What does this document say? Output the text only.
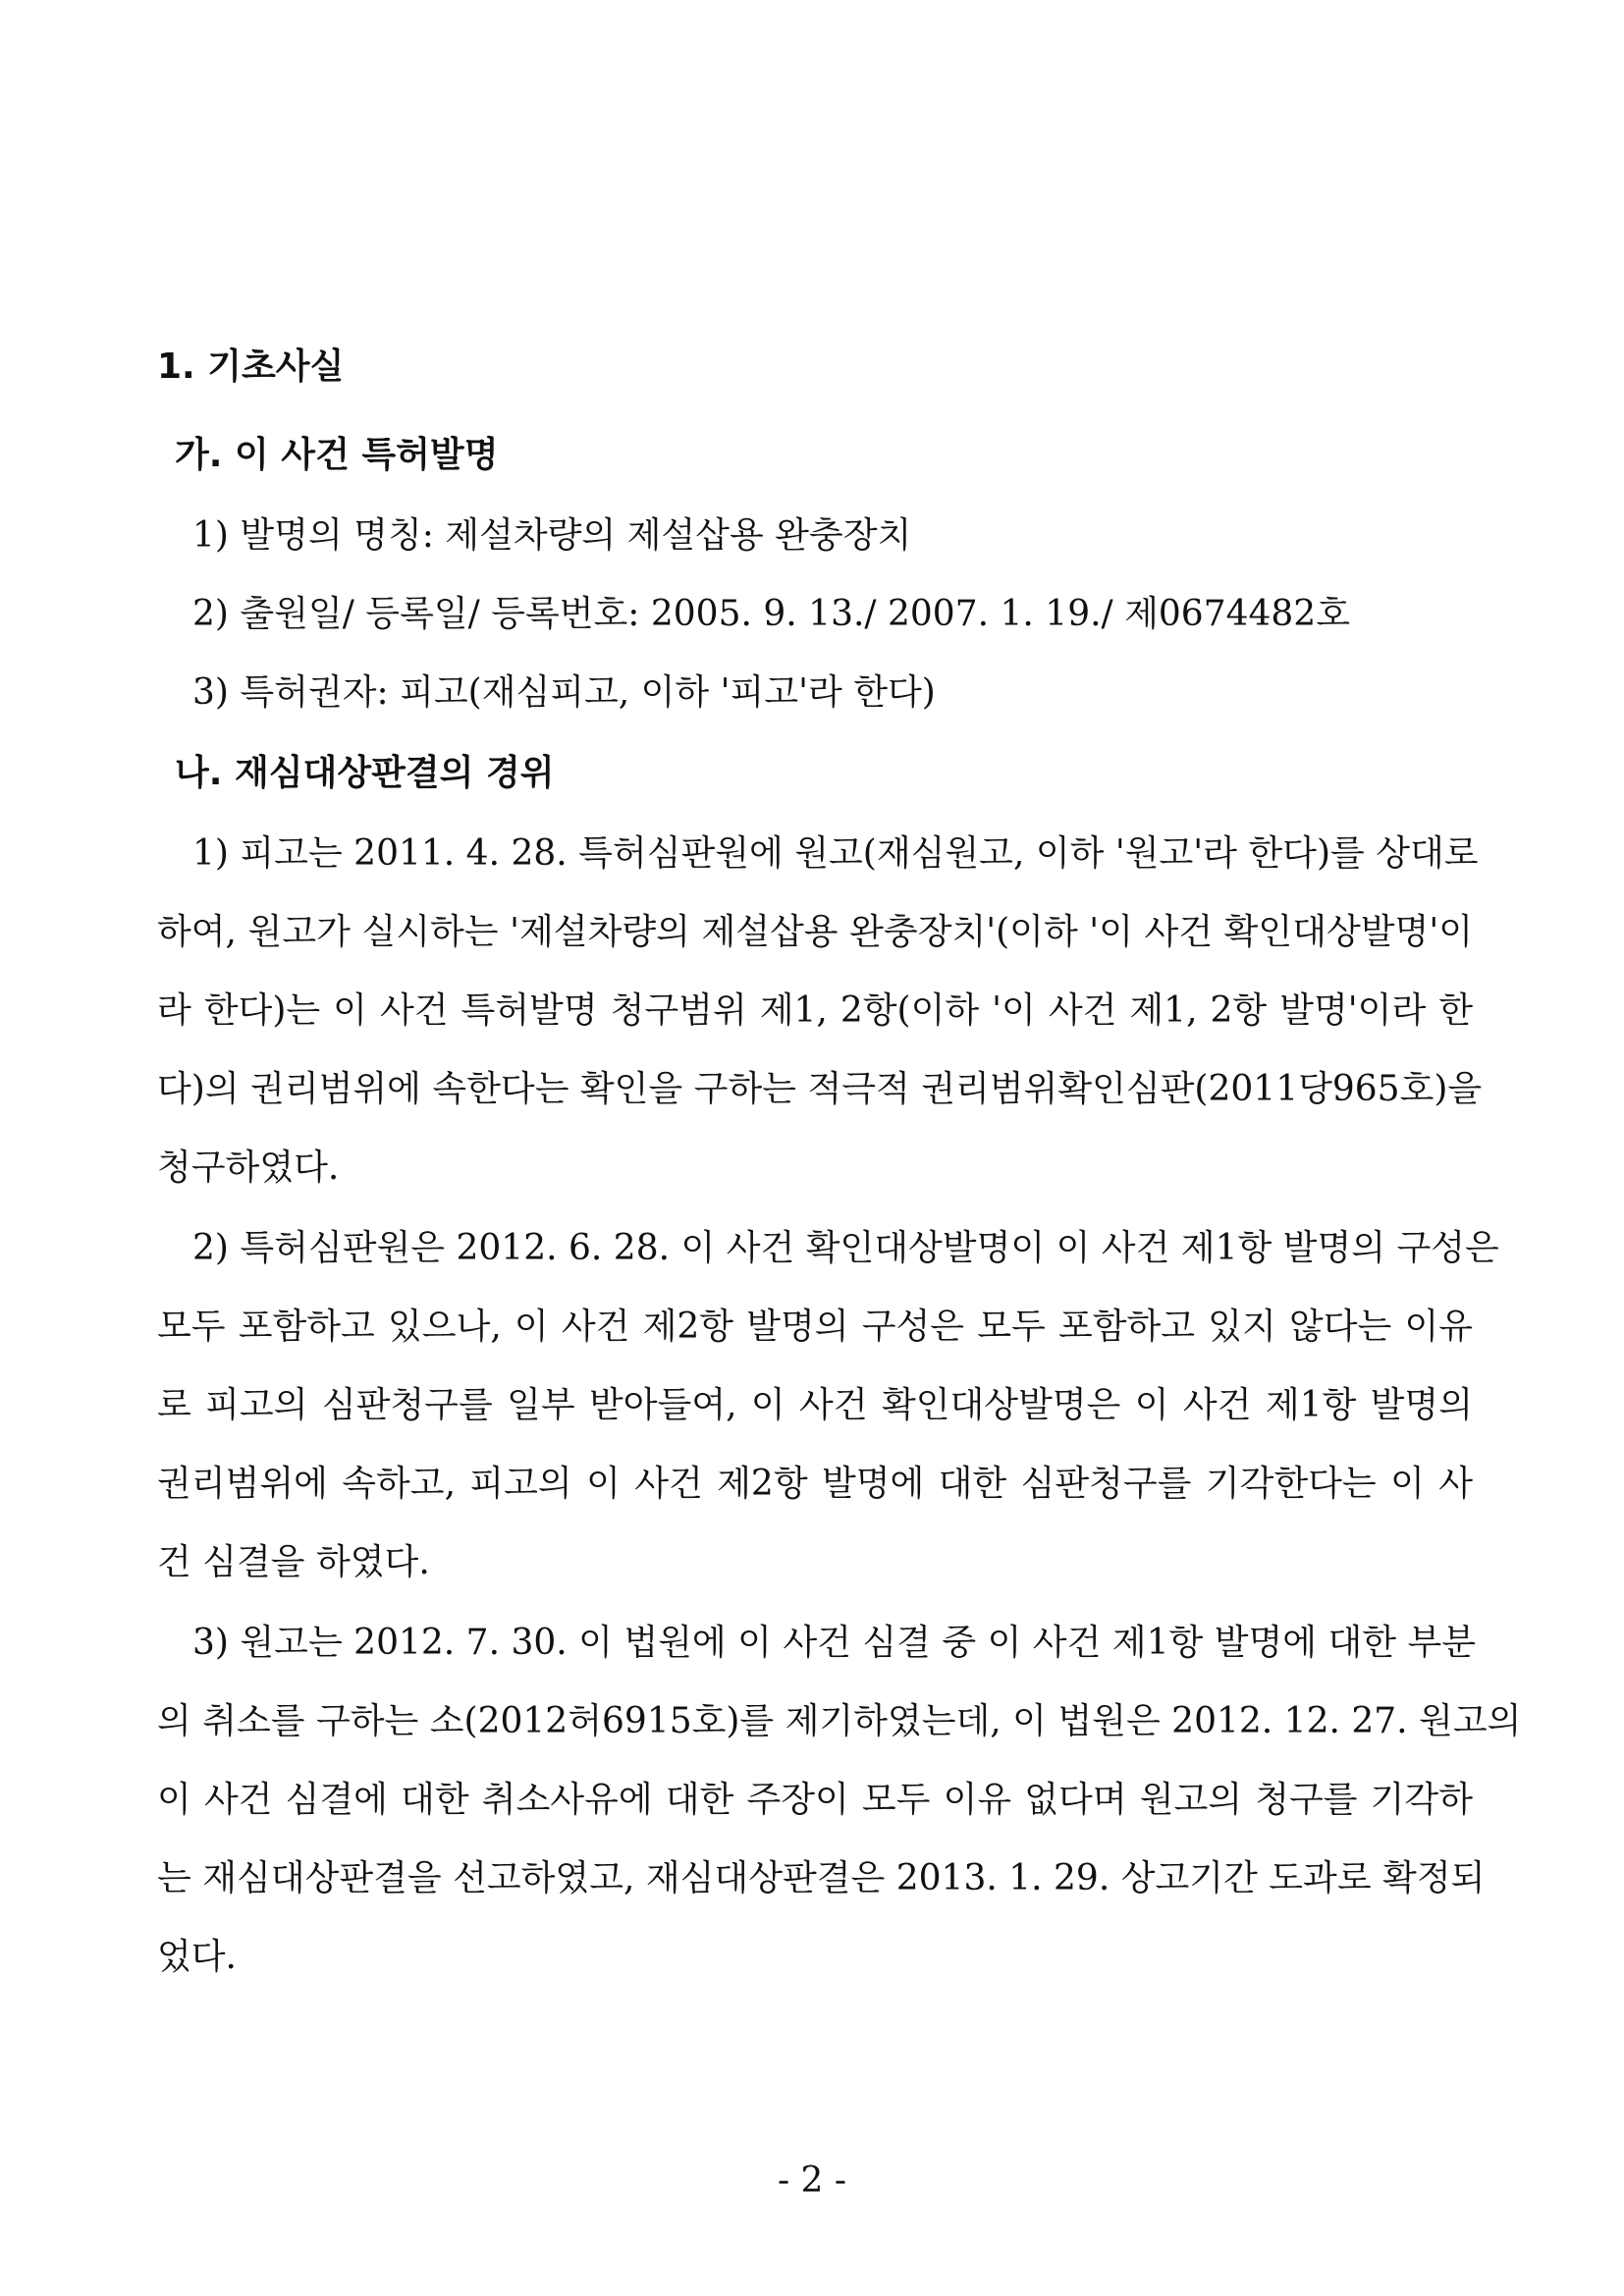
1. 기초사실
가. 이 사건 특허발명
1) 발명의 명칭: 제설차량의 제설삽용 완충장치
2) 출원일/ 등록일/ 등록번호: 2005. 9. 13./ 2007. 1. 19./ 제0674482호
3) 특허권자: 피고(재심피고, 이하 '피고'라 한다)
나. 재심대상판결의 경위
1) 피고는 2011. 4. 28. 특허심판원에 원고(재심원고, 이하 '원고'라 한다)를 상대로
하여, 원고가 실시하는 '제설차량의 제설삽용 완충장치'(이하 '이 사건 확인대상발명'이
라 한다)는 이 사건 특허발명 청구범위 제1, 2항(이하 '이 사건 제1, 2항 발명'이라 한
다)의 권리범위에 속한다는 확인을 구하는 적극적 권리범위확인심판(2011당965호)을
청구하였다.
2) 특허심판원은 2012. 6. 28. 이 사건 확인대상발명이 이 사건 제1항 발명의 구성은
모두 포함하고 있으나, 이 사건 제2항 발명의 구성은 모두 포함하고 있지 않다는 이유
로 피고의 심판청구를 일부 받아들여, 이 사건 확인대상발명은 이 사건 제1항 발명의
권리범위에 속하고, 피고의 이 사건 제2항 발명에 대한 심판청구를 기각한다는 이 사
건 심결을 하였다.
3) 원고는 2012. 7. 30. 이 법원에 이 사건 심결 중 이 사건 제1항 발명에 대한 부분
의 취소를 구하는 소(2012허6915호)를 제기하였는데, 이 법원은 2012. 12. 27. 원고의
이 사건 심결에 대한 취소사유에 대한 주장이 모두 이유 없다며 원고의 청구를 기각하
는 재심대상판결을 선고하였고, 재심대상판결은 2013. 1. 29. 상고기간 도과로 확정되
었다.
- 2 -
